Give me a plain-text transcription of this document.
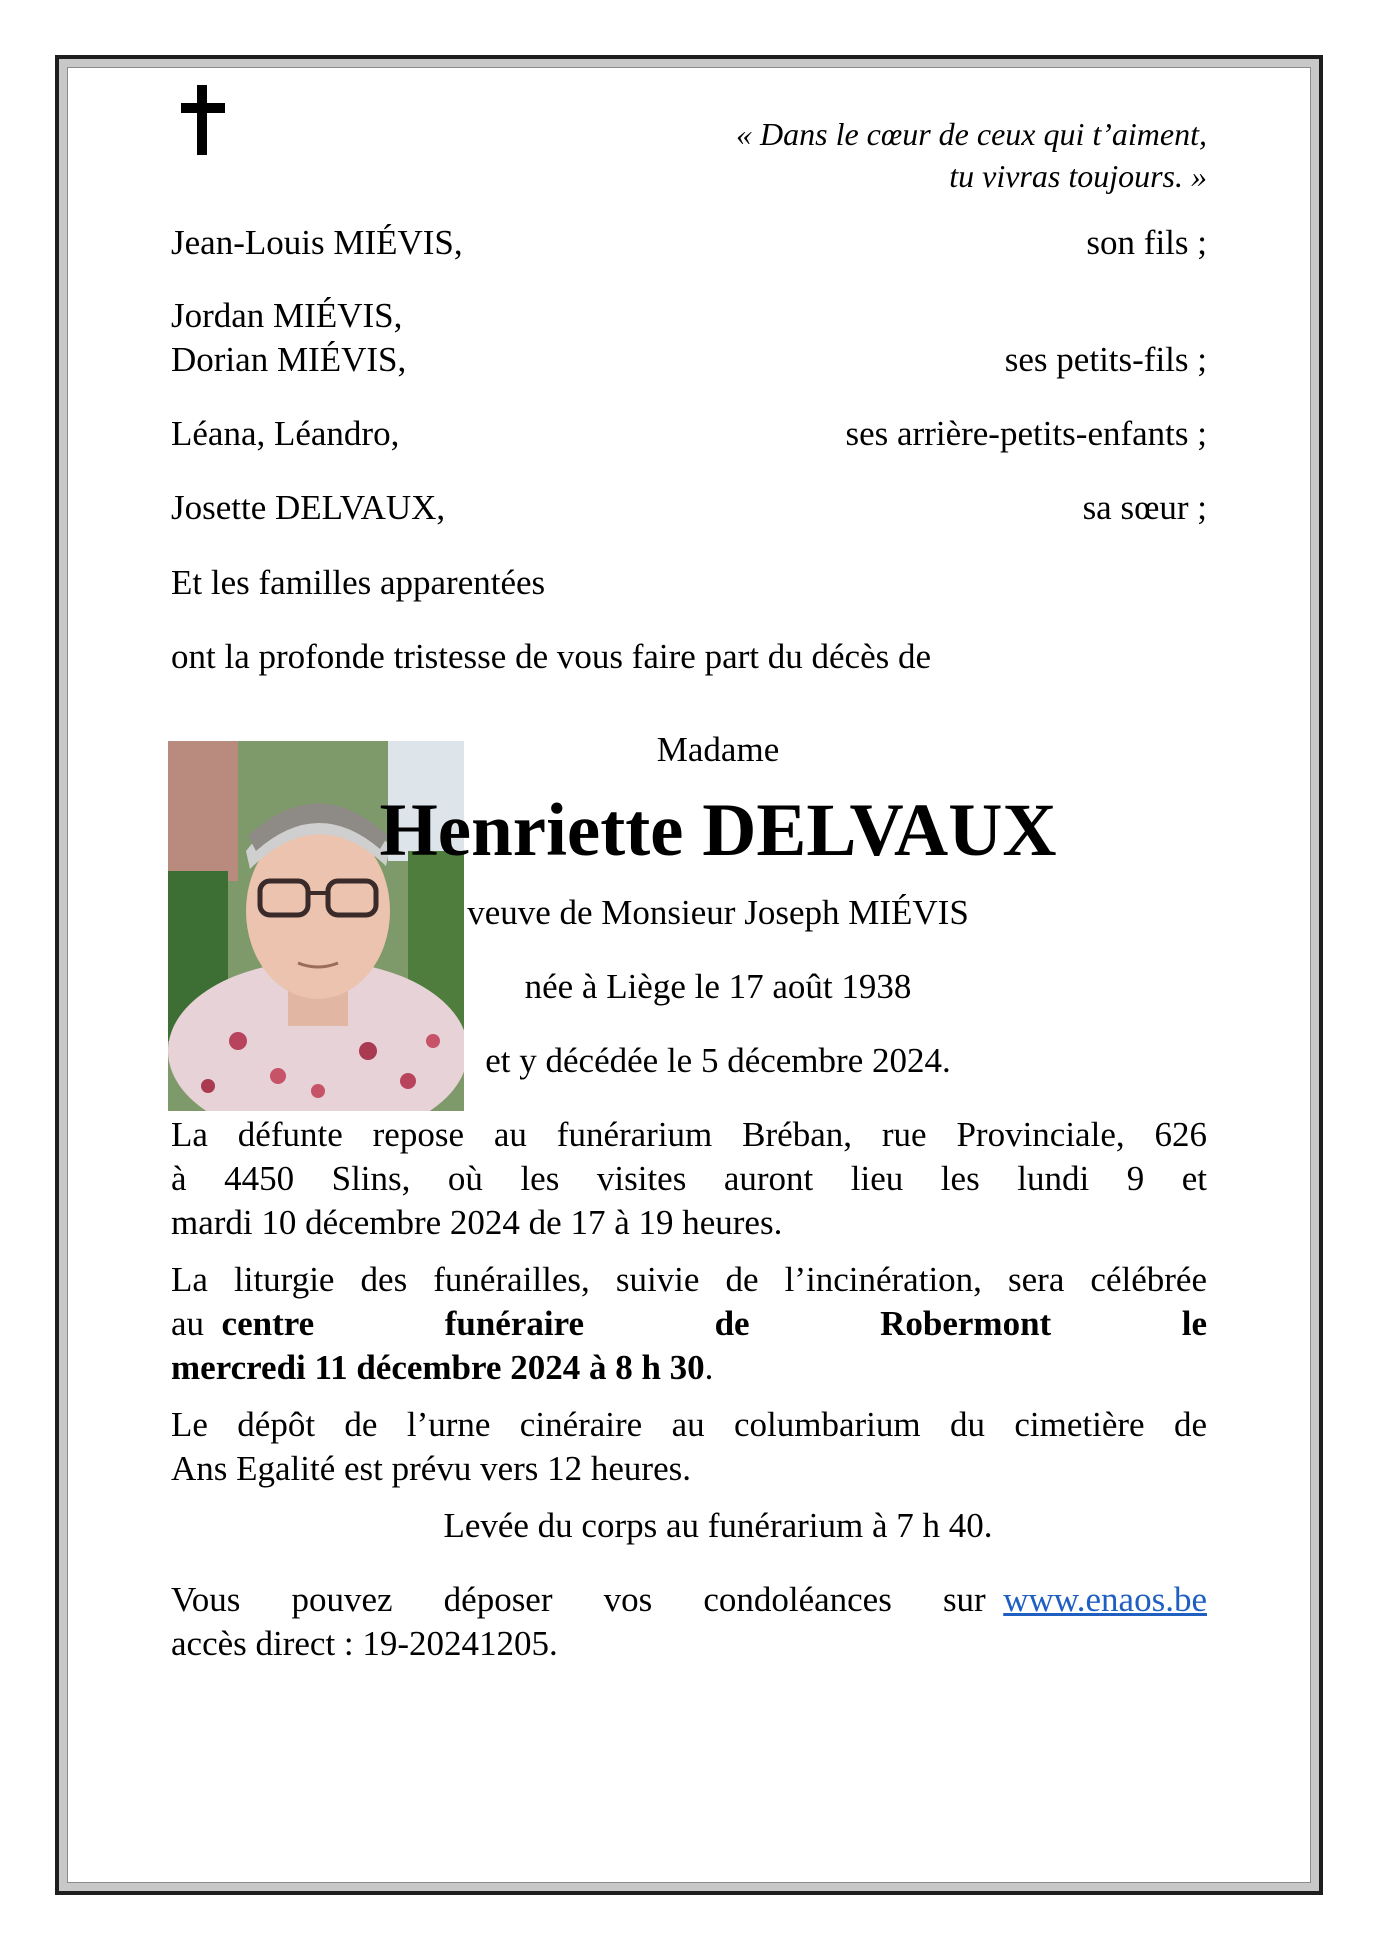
« Dans le cœur de ceux qui t’aiment,
tu vivras toujours. »
Jean-Louis MIÉVIS,	son fils ;
Jordan MIÉVIS,
Dorian MIÉVIS,	ses petits-fils ;
Léana, Léandro,	ses arrière-petits-enfants ;
Josette DELVAUX,	sa sœur ;
Et les familles apparentées
ont la profonde tristesse de vous faire part du décès de
Madame
Henriette DELVAUX
veuve de Monsieur Joseph MIÉVIS
née à Liège le 17 août 1938
et y décédée le 5 décembre 2024.
La défunte repose au funérarium Bréban, rue Provinciale, 626
à 4450 Slins, où les visites auront lieu les lundi 9 et
mardi 10 décembre 2024 de 17 à 19 heures.
La liturgie des funérailles, suivie de l’incinération, sera célébrée
au centre funéraire de Robermont le
mercredi 11 décembre 2024 à 8 h 30.
Le dépôt de l’urne cinéraire au columbarium du cimetière de
Ans Egalité est prévu vers 12 heures.
Levée du corps au funérarium à 7 h 40.
Vous pouvez déposer vos condoléances sur www.enaos.be
accès direct : 19-20241205.
